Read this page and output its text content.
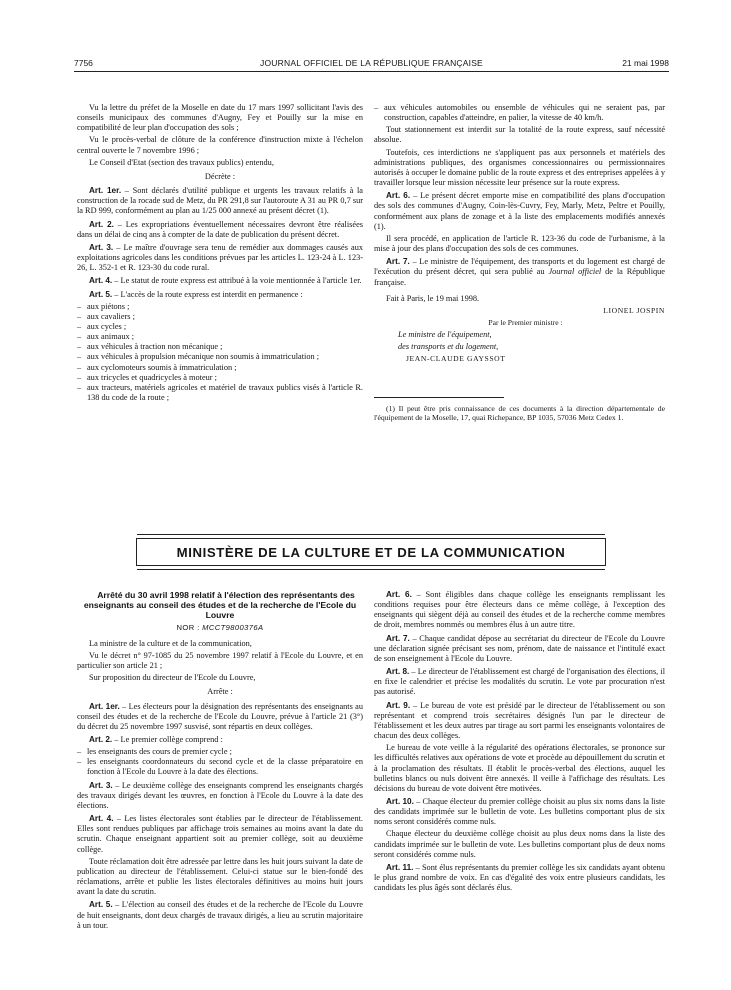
7756	JOURNAL OFFICIEL DE LA RÉPUBLIQUE FRANÇAISE	21 mai 1998

Vu la lettre du préfet de la Moselle en date du 17 mars 1997 sollicitant l'avis des conseils municipaux des communes d'Augny, Fey et Pouilly sur la mise en compatibilité de leur plan d'occupation des sols ;

Vu le procès-verbal de clôture de la conférence d'instruction mixte à l'échelon central ouverte le 7 novembre 1996 ;

Le Conseil d'Etat (section des travaux publics) entendu,

Décrète :

Art. 1er. – Sont déclarés d'utilité publique et urgents les travaux relatifs à la construction de la rocade sud de Metz, du PR 291,8 sur l'autoroute A 31 au PR 0,7 sur la RD 999, conformément au plan au 1/25 000 annexé au présent décret (1).

Art. 2. – Les expropriations éventuellement nécessaires devront être réalisées dans un délai de cinq ans à compter de la date de publication du présent décret.

Art. 3. – Le maître d'ouvrage sera tenu de remédier aux dommages causés aux exploitations agricoles dans les conditions prévues par les articles L. 123-24 à L. 123-26, L. 352-1 et R. 123-30 du code rural.

Art. 4. – Le statut de route express est attribué à la voie mentionnée à l'article 1er.

Art. 5. – L'accès de la route express est interdit en permanence :

– aux piétons ;
– aux cavaliers ;
– aux cycles ;
– aux animaux ;
– aux véhicules à traction non mécanique ;
– aux véhicules à propulsion mécanique non soumis à immatriculation ;
– aux cyclomoteurs soumis à immatriculation ;
– aux tricycles et quadricycles à moteur ;
– aux tracteurs, matériels agricoles et matériel de travaux publics visés à l'article R. 138 du code de la route ;
– aux véhicules automobiles ou ensemble de véhicules qui ne seraient pas, par construction, capables d'atteindre, en palier, la vitesse de 40 km/h.

Tout stationnement est interdit sur la totalité de la route express, sauf nécessité absolue.

Toutefois, ces interdictions ne s'appliquent pas aux personnels et matériels des administrations publiques, des organismes concessionnaires ou permissionnaires autorisés à occuper le domaine public de la route express et des entreprises appelées à y travailler lorsque leur mission nécessite leur présence sur la route express.

Art. 6. – Le présent décret emporte mise en compatibilité des plans d'occupation des sols des communes d'Augny, Coin-lès-Cuvry, Fey, Marly, Metz, Peltre et Pouilly, conformément aux plans de zonage et à la liste des emplacements modifiés annexés (1).

Il sera procédé, en application de l'article R. 123-36 du code de l'urbanisme, à la mise à jour des plans d'occupation des sols de ces communes.

Art. 7. – Le ministre de l'équipement, des transports et du logement est chargé de l'exécution du présent décret, qui sera publié au Journal officiel de la République française.

Fait à Paris, le 19 mai 1998.

LIONEL JOSPIN

Par le Premier ministre :

Le ministre de l'équipement,

des transports et du logement,

JEAN-CLAUDE GAYSSOT

(1) Il peut être pris connaissance de ces documents à la direction départementale de l'équipement de la Moselle, 17, quai Richepance, BP 1035, 57036 Metz Cedex 1.

MINISTÈRE DE LA CULTURE ET DE LA COMMUNICATION

Arrêté du 30 avril 1998 relatif à l'élection des représentants des enseignants au conseil des études et de la recherche de l'Ecole du Louvre

NOR : MCCT9800376A

La ministre de la culture et de la communication,

Vu le décret n° 97-1085 du 25 novembre 1997 relatif à l'Ecole du Louvre, et en particulier son article 21 ;

Sur proposition du directeur de l'Ecole du Louvre,

Arrête :

Art. 1er. – Les électeurs pour la désignation des représentants des enseignants au conseil des études et de la recherche de l'Ecole du Louvre, prévue à l'article 21 (3°) du décret du 25 novembre 1997 susvisé, sont répartis en deux collèges.

Art. 2. – Le premier collège comprend :

– les enseignants des cours de premier cycle ;
– les enseignants coordonnateurs du second cycle et de la classe préparatoire en fonction à l'Ecole du Louvre à la date des élections.

Art. 3. – Le deuxième collège des enseignants comprend les enseignants chargés des travaux dirigés devant les œuvres, en fonction à l'Ecole du Louvre à la date des élections.

Art. 4. – Les listes électorales sont établies par le directeur de l'établissement. Elles sont rendues publiques par affichage trois semaines au moins avant la date du scrutin. Chaque enseignant appartient soit au premier collège, soit au deuxième collège.

Toute réclamation doit être adressée par lettre dans les huit jours suivant la date de publication au directeur de l'établissement. Celui-ci statue sur le bien-fondé des réclamations, arrête et publie les listes électorales définitives au moins huit jours avant la date du scrutin.

Art. 5. – L'élection au conseil des études et de la recherche de l'Ecole du Louvre de huit enseignants, dont deux chargés de travaux dirigés, a lieu au scrutin majoritaire à un tour.

Art. 6. – Sont éligibles dans chaque collège les enseignants remplissant les conditions requises pour être électeurs dans ce même collège, à l'exception des enseignants qui siègent déjà au conseil des études et de la recherche comme membres de droit, membres nommés ou membres élus à un autre titre.

Art. 7. – Chaque candidat dépose au secrétariat du directeur de l'Ecole du Louvre une déclaration signée précisant ses nom, prénom, date de naissance et l'intitulé exact de son enseignement à l'Ecole du Louvre.

Art. 8. – Le directeur de l'établissement est chargé de l'organisation des élections, il en fixe le calendrier et précise les modalités du scrutin. Le vote par procuration n'est pas autorisé.

Art. 9. – Le bureau de vote est présidé par le directeur de l'établissement ou son représentant et comprend trois secrétaires désignés l'un par le directeur de l'établissement et les deux autres par tirage au sort parmi les enseignants volontaires de chacun des deux collèges.

Le bureau de vote veille à la régularité des opérations électorales, se prononce sur les difficultés relatives aux opérations de vote et procède au dépouillement du scrutin et à la proclamation des résultats. Il établit le procès-verbal des élections, auquel les bulletins blancs ou nuls doivent être annexés. Il veille à l'affichage des résultats. Les décisions du bureau de vote doivent être motivées.

Art. 10. – Chaque électeur du premier collège choisit au plus six noms dans la liste des candidats imprimée sur le bulletin de vote. Les bulletins comportant plus de six noms seront considérés comme nuls.

Chaque électeur du deuxième collège choisit au plus deux noms dans la liste des candidats imprimée sur le bulletin de vote. Les bulletins comportant plus de deux noms seront considérés comme nuls.

Art. 11. – Sont élus représentants du premier collège les six candidats ayant obtenu le plus grand nombre de voix. En cas d'égalité des voix entre plusieurs candidats, les candidats les plus âgés sont déclarés élus.
